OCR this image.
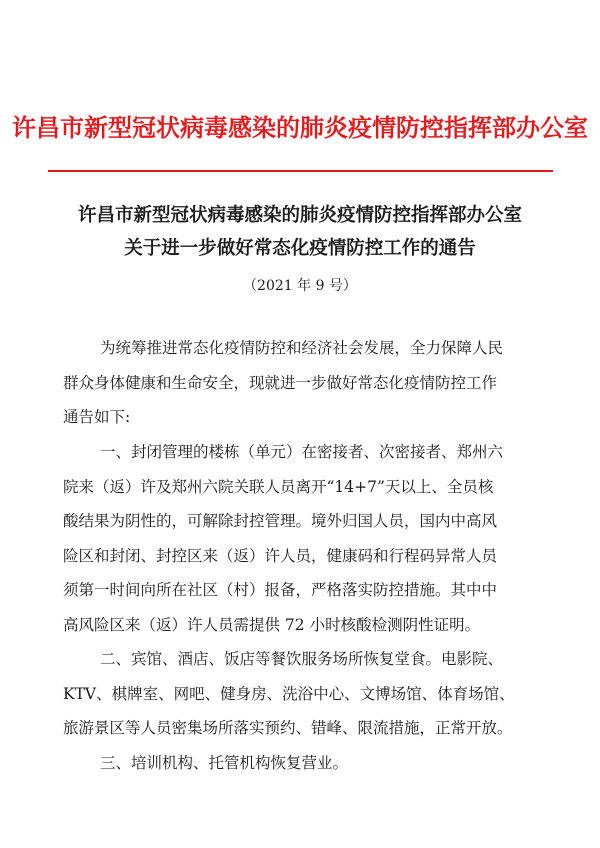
许昌市新型冠状病毒感染的肺炎疫情防控指挥部办公室
许昌市新型冠状病毒感染的肺炎疫情防控指挥部办公室
关于进一步做好常态化疫情防控工作的通告
（2021 年 9 号）
为统筹推进常态化疫情防控和经济社会发展，全力保障人民
群众身体健康和生命安全，现就进一步做好常态化疫情防控工作
通告如下:
一、封闭管理的楼栋（单元）在密接者、次密接者、郑州六
院来（返）许及郑州六院关联人员离开“14+7”天以上、全员核
酸结果为阴性的，可解除封控管理。境外归国人员，国内中高风
险区和封闭、封控区来（返）许人员，健康码和行程码异常人员
须第一时间向所在社区（村）报备，严格落实防控措施。其中中
高风险区来（返）许人员需提供 72 小时核酸检测阴性证明。
二、宾馆、酒店、饭店等餐饮服务场所恢复堂食。电影院、
KTV、棋牌室、网吧、健身房、洗浴中心、文博场馆、体育场馆、
旅游景区等人员密集场所落实预约、错峰、限流措施，正常开放。
三、培训机构、托管机构恢复营业。
